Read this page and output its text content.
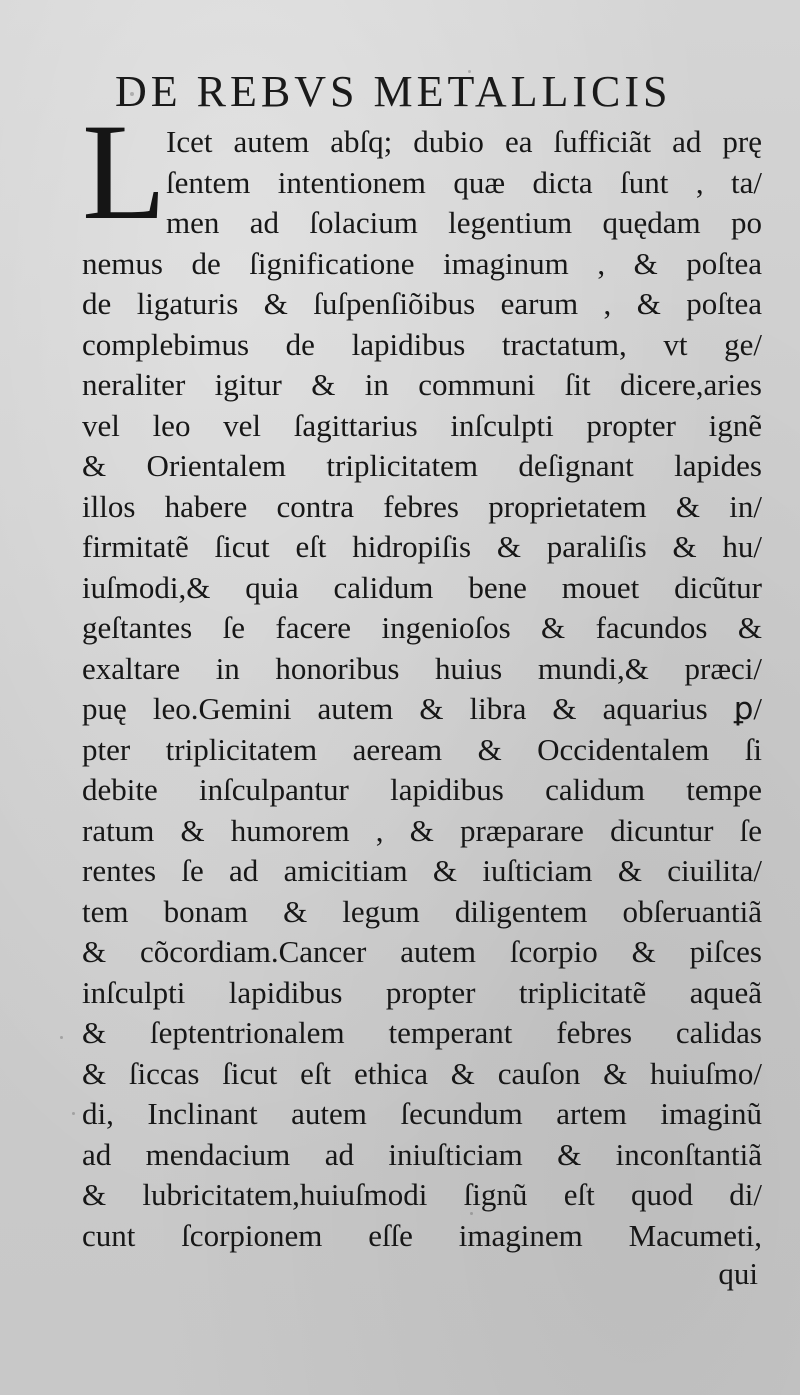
DE REBVS METALLICIS
L Icet autem abſq; dubio ea ſufficiãt ad prę
ſentem intentionem quæ dicta ſunt , ta/
men ad ſolacium legentium quędam po
nemus de ſignificatione imaginum , & poſtea
de ligaturis & ſuſpenſiõibus earum , & poſtea
complebimus de lapidibus tractatum, vt ge/
neraliter igitur & in communi ſit dicere,aries
vel leo vel ſagittarius inſculpti propter ignẽ
& Orientalem triplicitatem deſignant lapides
illos habere contra febres proprietatem & in/
firmitatẽ ſicut eſt hidropiſis & paraliſis & hu/
iuſmodi,& quia calidum bene mouet dicũtur
geſtantes ſe facere ingenioſos & facundos &
exaltare in honoribus huius mundi,& præci/
puę leo.Gemini autem & libra & aquarius ꝑ/
pter triplicitatem aeream & Occidentalem ſi
debite inſculpantur lapidibus calidum tempe
ratum & humorem , & præparare dicuntur ſe
rentes ſe ad amicitiam & iuſticiam & ciuilita/
tem bonam & legum diligentem obſeruantiã
& cõcordiam.Cancer autem ſcorpio & piſces
inſculpti lapidibus propter triplicitatẽ aqueã
& ſeptentrionalem temperant febres calidas
& ſiccas ſicut eſt ethica & cauſon & huiuſmo/
di, Inclinant autem ſecundum artem imaginũ
ad mendacium ad iniuſticiam & inconſtantiã
& lubricitatem,huiuſmodi ſignũ eſt quod di/
cunt ſcorpionem eſſe imaginem Macumeti,
qui
